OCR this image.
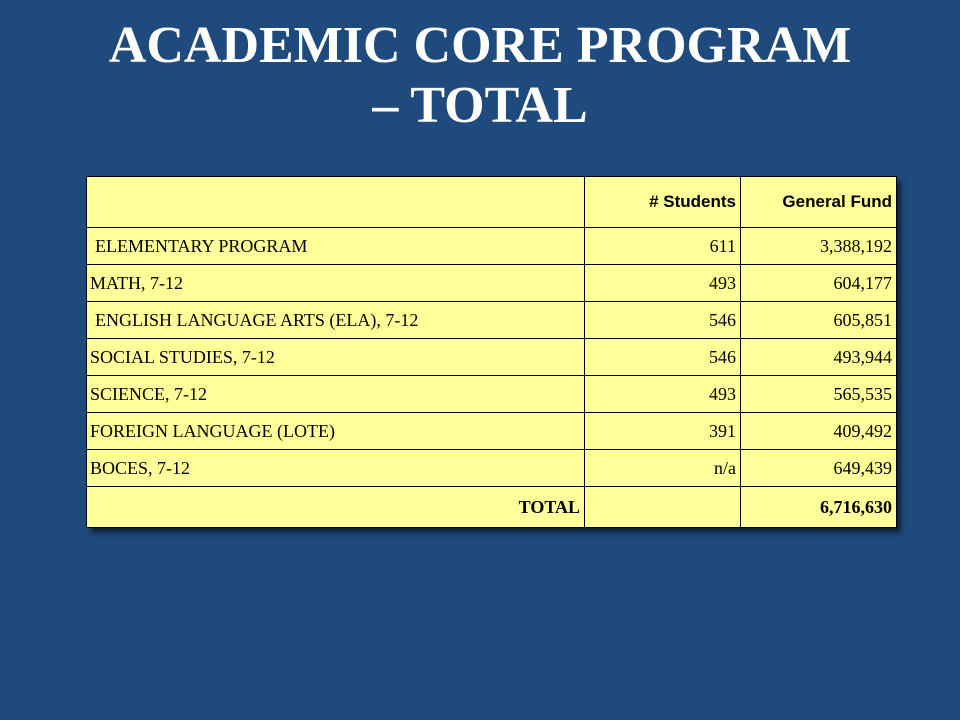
ACADEMIC CORE PROGRAM
– TOTAL
	# Students	General Fund
ELEMENTARY PROGRAM	611	3,388,192
MATH, 7-12	493	604,177
ENGLISH LANGUAGE ARTS (ELA), 7-12	546	605,851
SOCIAL STUDIES, 7-12	546	493,944
SCIENCE, 7-12	493	565,535
FOREIGN LANGUAGE (LOTE)	391	409,492
BOCES, 7-12	n/a	649,439
TOTAL		6,716,630
